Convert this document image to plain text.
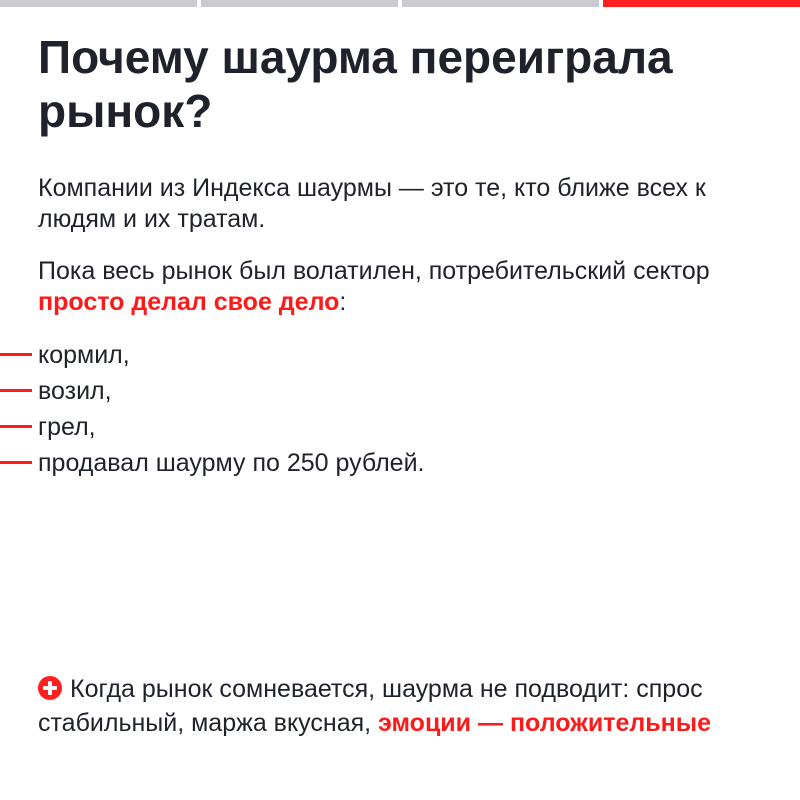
Почему шаурма переиграла рынок?

Компании из Индекса шаурмы — это те, кто ближе всех к людям и их тратам.

Пока весь рынок был волатилен, потребительский сектор просто делал свое дело:

кормил,
возил,
грел,
продавал шаурму по 250 рублей.

Когда рынок сомневается, шаурма не подводит: спрос стабильный, маржа вкусная, эмоции — положительные
